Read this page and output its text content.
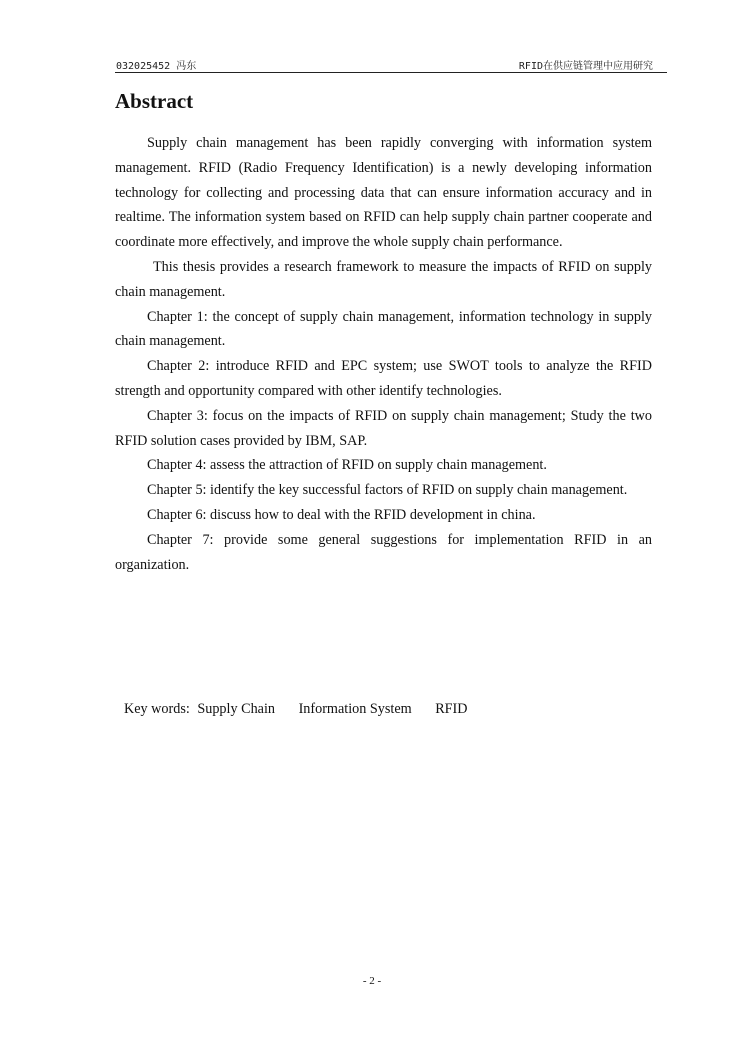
032025452 冯东	RFID在供应链管理中应用研究
Abstract

Supply chain management has been rapidly converging with information system management. RFID (Radio Frequency Identification) is a newly developing information technology for collecting and processing data that can ensure information accuracy and in realtime. The information system based on RFID can help supply chain partner cooperate and coordinate more effectively, and improve the whole supply chain performance.

This thesis provides a research framework to measure the impacts of RFID on supply chain management.

Chapter 1: the concept of supply chain management, information technology in supply chain management.

Chapter 2: introduce RFID and EPC system; use SWOT tools to analyze the RFID strength and opportunity compared with other identify technologies.

Chapter 3: focus on the impacts of RFID on supply chain management; Study the two RFID solution cases provided by IBM, SAP.

Chapter 4: assess the attraction of RFID on supply chain management.

Chapter 5: identify the key successful factors of RFID on supply chain management.

Chapter 6: discuss how to deal with the RFID development in china.

Chapter 7: provide some general suggestions for implementation RFID in an organization.

Key words: Supply Chain Information System RFID
- 2 -
